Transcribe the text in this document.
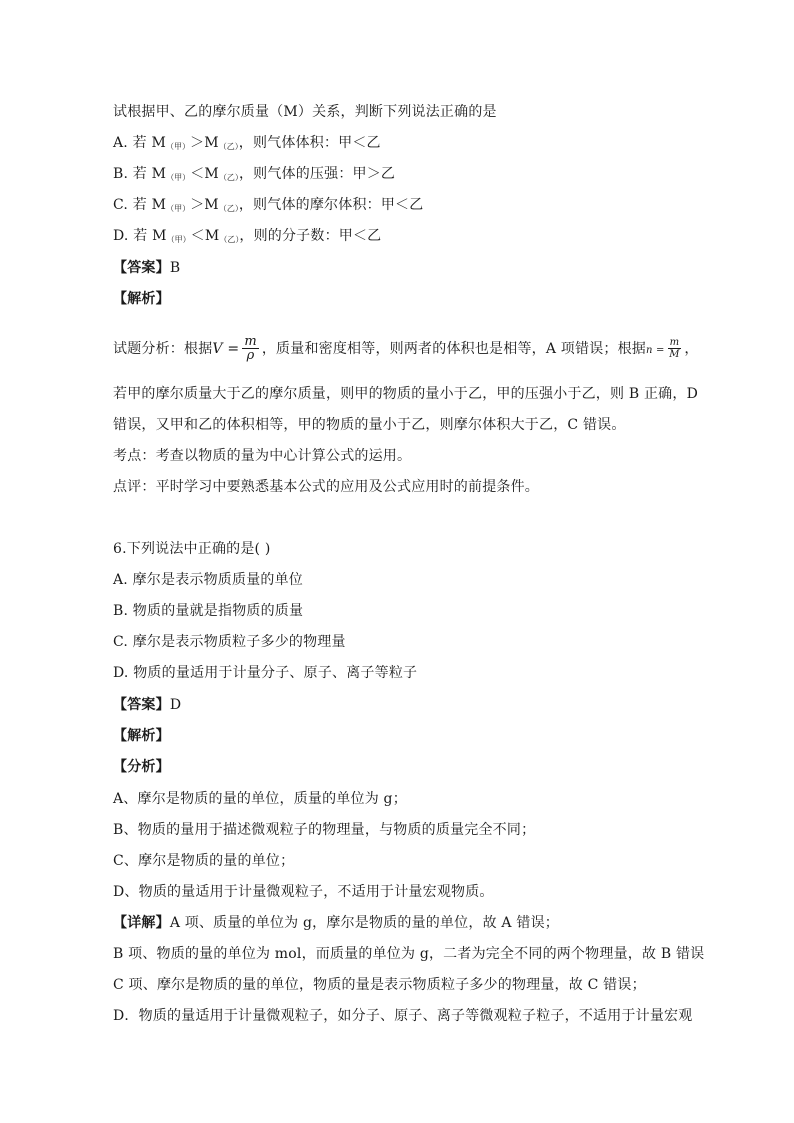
试根据甲、乙的摩尔质量（M）关系，判断下列说法正确的是
A. 若 $M_{(甲)}>M_{(乙)}$，则气体体积：甲＜乙
B. 若 $M_{(甲)}<M_{(乙)}$，则气体的压强：甲＞乙
C. 若 $M_{(甲)}>M_{(乙)}$，则气体的摩尔体积：甲＜乙
D. 若 $M_{(甲)}<M_{(乙)}$，则的分子数：甲＜乙
【答案】B
【解析】
试题分析：根据$V = \frac{m}{\rho}$ ，质量和密度相等，则两者的体积也是相等，A 项错误；根据$n = \frac{m}{M}$ ，
若甲的摩尔质量大于乙的摩尔质量，则甲的物质的量小于乙，甲的压强小于乙，则 B 正确，D
错误，又甲和乙的体积相等，甲的物质的量小于乙，则摩尔体积大于乙，C 错误。
考点：考查以物质的量为中心计算公式的运用。
点评：平时学习中要熟悉基本公式的应用及公式应用时的前提条件。
6.下列说法中正确的是( )
A. 摩尔是表示物质质量的单位
B. 物质的量就是指物质的质量
C. 摩尔是表示物质粒子多少的物理量
D. 物质的量适用于计量分子、原子、离子等粒子
【答案】D
【解析】
【分析】
A、摩尔是物质的量的单位，质量的单位为 g；
B、物质的量用于描述微观粒子的物理量，与物质的质量完全不同；
C、摩尔是物质的量的单位；
D、物质的量适用于计量微观粒子，不适用于计量宏观物质。
【详解】A 项、质量的单位为 g，摩尔是物质的量的单位，故 A 错误；
B 项、物质的量的单位为 mol，而质量的单位为 g，二者为完全不同的两个物理量，故 B 错误
C 项、摩尔是物质的量的单位，物质的量是表示物质粒子多少的物理量，故 C 错误；
D．物质的量适用于计量微观粒子，如分子、原子、离子等微观粒子粒子，不适用于计量宏观
